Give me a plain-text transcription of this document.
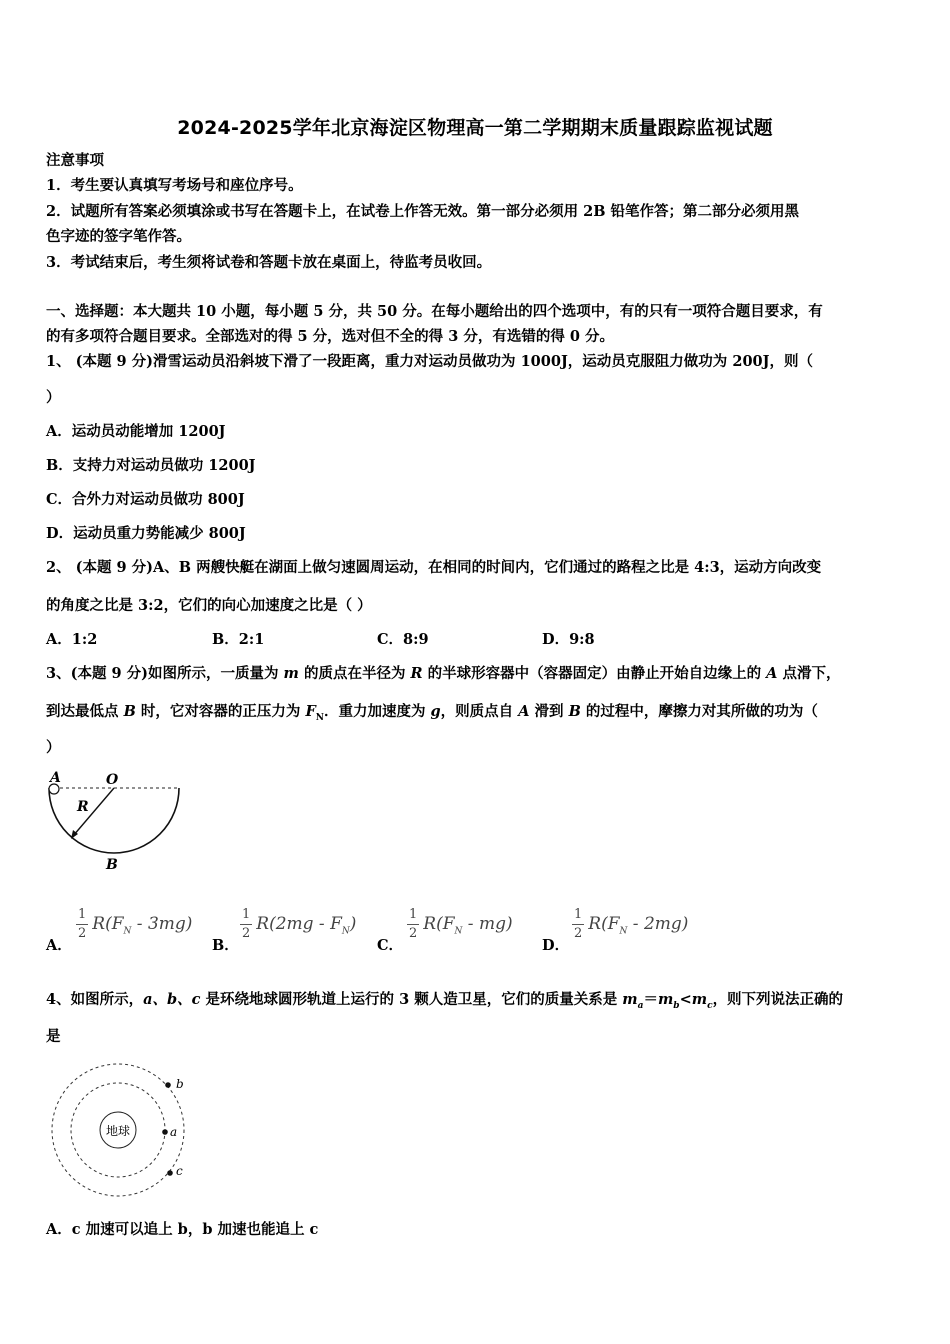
2024-2025学年北京海淀区物理高一第二学期期末质量跟踪监视试题
注意事项
1．考生要认真填写考场号和座位序号。
2．试题所有答案必须填涂或书写在答题卡上，在试卷上作答无效。第一部分必须用 2B 铅笔作答；第二部分必须用黑
色字迹的签字笔作答。
3．考试结束后，考生须将试卷和答题卡放在桌面上，待监考员收回。
一、选择题：本大题共 10 小题，每小题 5 分，共 50 分。在每小题给出的四个选项中，有的只有一项符合题目要求，有
的有多项符合题目要求。全部选对的得 5 分，选对但不全的得 3 分，有选错的得 0 分。
1、 (本题 9 分)滑雪运动员沿斜坡下滑了一段距离，重力对运动员做功为 1000J，运动员克服阻力做功为 200J，则（
）
A．运动员动能增加 1200J
B．支持力对运动员做功 1200J
C．合外力对运动员做功 800J
D．运动员重力势能减少 800J
2、 (本题 9 分)A、B 两艘快艇在湖面上做匀速圆周运动，在相同的时间内，它们通过的路程之比是 4:3，运动方向改变
的角度之比是 3:2，它们的向心加速度之比是（ ）
A．1:2	B．2:1	C．8:9	D．9:8
3、(本题 9 分)如图所示，一质量为 m 的质点在半径为 R 的半球形容器中（容器固定）由静止开始自边缘上的 A 点滑下，
到达最低点 B 时，它对容器的正压力为 $F_N$．重力加速度为 g，则质点自 A 滑到 B 的过程中，摩擦力对其所做的功为（
）
A	O
R
B
A．
$\frac{1}{2} R(F_N - 3mg)$
B．
$\frac{1}{2} R(2mg - F_N)$
C．
$\frac{1}{2} R(F_N - mg)$
D．
$\frac{1}{2} R(F_N - 2mg)$
4、如图所示，a、b、c 是环绕地球圆形轨道上运行的 3 颗人造卫星，它们的质量关系是 $m_a=m_b<m_c$，则下列说法正确的
是
地球
b
a
c
A．c 加速可以追上 b，b 加速也能追上 c
